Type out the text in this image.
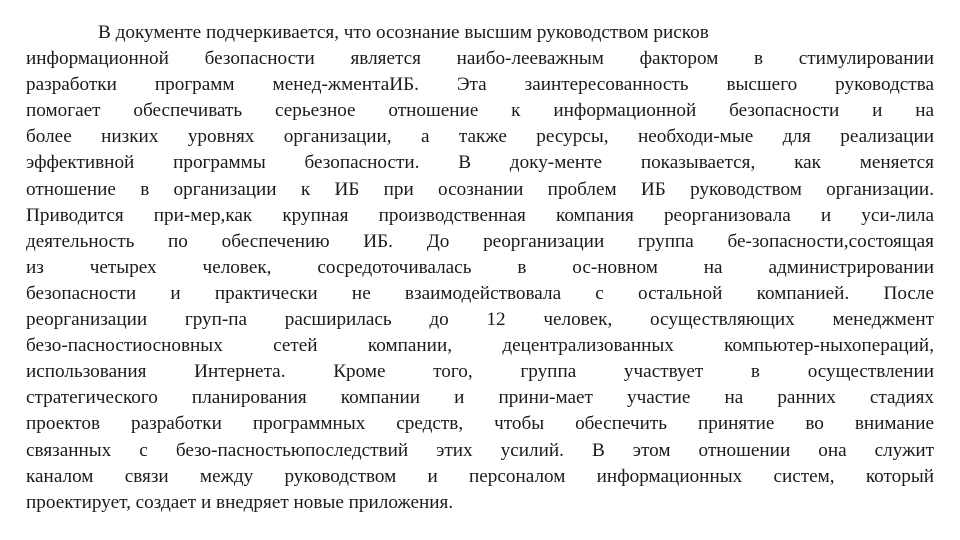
В документе подчеркивается, что осознание высшим руководством рисков
информационной безопасности является наибо-лееважным фактором в стимулировании
разработки программ менед-жментаИБ. Эта заинтересованность высшего руководства
помогает обеспечивать серьезное отношение к информационной безопасности и на
более низких уровнях организации, а также ресурсы, необходи-мые для реализации
эффективной программы безопасности. В доку-менте показывается, как меняется
отношение в организации к ИБ при осознании проблем ИБ руководством организации.
Приводится при-мер,как крупная производственная компания реорганизовала и уси-лила
деятельность по обеспечению ИБ. До реорганизации группа бе-зопасности,состоящая
из четырех человек, сосредоточивалась в ос-новном на администрировании
безопасности и практически не взаимодействовала с остальной компанией. После
реорганизации груп-па расширилась до 12 человек, осуществляющих менеджмент
безо-пасностиосновных сетей компании, децентрализованных компьютер-ныхопераций,
использования Интернета. Кроме того, группа участвует в осуществлении
стратегического планирования компании и прини-мает участие на ранних стадиях
проектов разработки программных средств, чтобы обеспечить принятие во внимание
связанных с безо-пасностьюпоследствий этих усилий. В этом отношении она служит
каналом связи между руководством и персоналом информационных систем, который
проектирует, создает и внедряет новые приложения.
